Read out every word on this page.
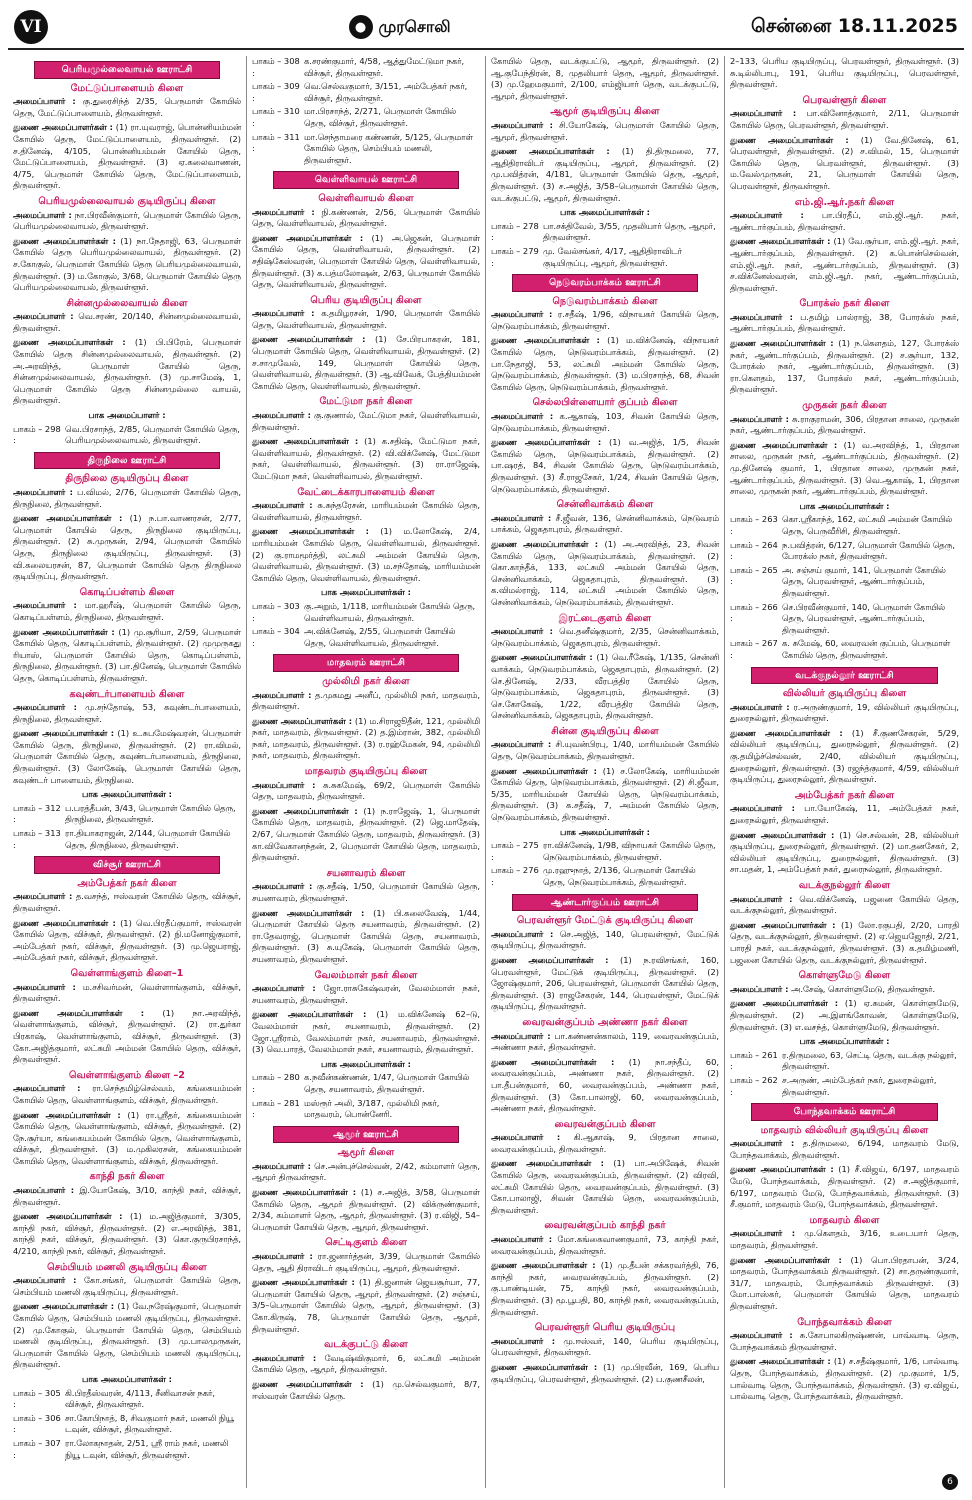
VI	● முரசொலி	சென்னை 18.11.2025
பெரியமுல்லைவாயல் ஊராட்சி
மேட்டுப்பாளையம் கிளை
அமைப்பாளர் : கு.துரைசிந்த் 2/35, பெருமாள் கோயில் தெரு, மேட்டுப்பாளையம், திருவள்ளூர்.
துணை அமைப்பாளர்கள் : (1) ரா.யுவராஜ், பொன்னியம்மன் கோயில் தெரு, மேட்டுப்பாளையம், திருவள்ளூர். (2) ச.தினேஷ், 4/105, பொன்னியம்மன் கோயில் தெரு, மேட்டுப்பாளையம், திருவள்ளூர். (3) ஏ.கலைவாணன், 4/75, பெருமாள் கோயில் தெரு, மேட்டுப்பாளையம், திருவள்ளூர்.
பெரியமுல்லைவாயல் குடியிருப்பு கிளை
அமைப்பாளர் : நா.பிரவீன்குமார், பெருமாள் கோயில் தெரு, பெரியமுல்லைவாயல், திருவள்ளூர்.
துணை அமைப்பாளர்கள் : (1) நா.நேதாஜி, 63, பெருமாள் கோயில் தெரு பெரியமுல்லைவாயல், திருவள்ளூர். (2) ச.கோகுல், பெருமாள் கோயில் தெரு பெரியமுல்லைவாயல், திருவள்ளூர். (3) ம.கோகுல், 3/68, பெருமாள் கோயில் தெரு பெரியமுல்லைவாயல், திருவள்ளூர்.
சின்னமுல்லைவாயல் கிளை
அமைப்பாளர் : வெ.சரண், 20/140, சின்னமுல்லைவாயல், திருவள்ளூர்.
துணை அமைப்பாளர்கள் : (1) பி.பிரேம், பெருமாள் கோயில் தெரு சின்னமுல்லைவாயல், திருவள்ளூர். (2) அ.அரவிந்த், பெருமாள் கோயில் தெரு, சின்னமுல்லைவாயல், திருவள்ளூர். (3) மு.சாமேஷ், 1, பெருமாள் கோயில் தெரு சின்னமுல்லை வாயல், திருவள்ளூர்.
பாக அமைப்பாளர் :
பாகம் – 298 :
வெ.பிரசாந்த், 2/85, பெருமாள் கோயில் தெரு, பெரியமுல்லைவாயல், திருவள்ளூர்.
திருநிலை ஊராட்சி
திருநிலை குடியிருப்பு கிளை
அமைப்பாளர் : ப.விமல், 2/76, பெருமாள் கோயில் தெரு, திருநிலை, திருவள்ளூர்.
துணை அமைப்பாளர்கள் : (1) ந.பா.வாணரசன், 2/77, பெருமாள் கோயில் தெரு, திருநிலை குடியிருப்பு, திருவள்ளூர். (2) சு.முருகன், 2/94, பெருமாள் கோயில் தெரு, திருநிலை குடியிருப்பு, திருவள்ளூர். (3) வி.கலையரசன், 87, பெருமாள் கோயில் தெரு திருநிலை குடியிருப்பு, திருவள்ளூர்.
கொடிப்பள்ளம் கிளை
அமைப்பாளர் : மா.ஹரீஷ், பெருமாள் கோயில் தெரு, கொடிப்பள்ளம், திருநிலை, திருவள்ளூர்.
துணை அமைப்பாளர்கள் : (1) மு.சூரியா, 2/59, பெருமாள் கோயில் தெரு, கொடிப்பள்ளம், திருவள்ளூர். (2) முமுருகது ரியாஸ், பெருமாள் கோயில் தெரு, கொடிப்பள்ளம், திருநிலை, திருவள்ளூர். (3) பா.தினேஷ், பெருமாள் கோயில் தெரு, கொடிப்பள்ளம், திருவள்ளூர்.
கவுண்டர்பாளையம் கிளை
அமைப்பாளர் : மு.சந்தோஷ், 53, கவுண்டர்பாளையம், திருநிலை, திருவள்ளூர்.
துணை அமைப்பாளர்கள் : (1) உ.சுபமேஷ்வரன், பெருமாள் கோயில் தெரு, திருநிலை, திருவள்ளூர். (2) ரா.விமல், பெருமாள் கோயில் தெரு, கவுண்டர்பாளையம், திருநிலை, திருவள்ளூர். (3) லோகேஷ், பெருமாள் கோயில் தெரு, கவுண்டர் பாளையம், திருநிலை.
பாக அமைப்பாளர்கள் :
பாகம் – 312 :
ப.பரத்தீபன், 3/43, பெருமாள் கோயில் தெரு, திருநிலை, திருவள்ளூர்.
பாகம் – 313 :
ரா.தியாகராஜன், 2/144, பெருமாள் கோயில் தெரு, திருநிலை, திருவள்ளூர்.
விச்சூர் ஊராட்சி
அம்பேத்கர் நகர் கிளை
அமைப்பாளர் : த.வசந்த், ஈஸ்வரன் கோயில் தெரு, விச்சூர், திருவள்ளூர்.
துணை அமைப்பாளர்கள் : (1) வெ.பிரதீப்குமார், ஈஸ்வரன் கோயில் தெரு, விச்சூர், திருவள்ளூர். (2) நி.மனோஜ்குமார், அம்பேத்கர் நகர், விச்சூர், திருவள்ளூர். (3) மு.ஜெயராஜ், அம்பேத்கர் நகர், விச்சூர், திருவள்ளூர்.
வெள்ளாங்குளம் கிளை–1
அமைப்பாளர் : ம.சசிவர்மன், வெள்ளாங்குளம், விச்சூர், திருவள்ளூர்.
துணை அமைப்பாளர்கள் : (1) நா.அரவிந்த், வெள்ளாங்குளம், விச்சூர், திருவள்ளூர். (2) ரா.துர்கா பிரகாஷ், வெள்ளாங்குளம், விச்சூர், திருவள்ளூர். (3) கோ.அஜித்குமார், லட்சுமி அம்மன் கோயில் தெரு, விச்சூர், திருவள்ளூர்.
வெள்ளாங்குளம் கிளை –2
அமைப்பாளர் : ரா.செந்தமிழ்செல்வம், கங்கையம்மன் கோயில் தெரு, வெள்ளாங்குளம், விச்சூர், திருவள்ளூர்.
துணை அமைப்பாளர்கள் : (1) ரா.ஸ்ரீதர், கங்கையம்மன் கோயில் தெரு, வெள்ளாங்குளம், விச்சூர், திருவள்ளூர். (2) நே.சூர்யா, கங்கையம்மன் கோயில் தெரு, வெள்ளாங்குளம், விச்சூர், திருவள்ளூர். (3) ம.முகிலரசன், கங்கையம்மன் கோயில் தெரு, வெள்ளாங்குளம், விச்சூர், திருவள்ளூர்.
காந்தி நகர் கிளை
அமைப்பாளர் : இ.யோகேஷ், 3/10, காந்தி நகர், விச்சூர், திருவள்ளூர்.
துணை அமைப்பாளர்கள் : (1) ம.அஜித்குமார், 3/305, காந்தி நகர், விச்சூர், திருவள்ளூர். (2) எ.அரவிந்த், 381, காந்தி நகர், விச்சூர், திருவள்ளூர். (3) கொ.குருபிரசாந்த், 4/210, காந்தி நகர், விச்சூர், திருவள்ளூர்.
செம்பியம் மணலி குடியிருப்பு கிளை
அமைப்பாளர் : கோ.சங்கர், பெருமாள் கோயில் தெரு, செம்பியம் மணலி குடியிருப்பு, திருவள்ளூர்.
துணை அமைப்பாளர்கள் : (1) வே.நரேஷ்குமார், பெருமாள் கோயில் தெரு, செம்பியம் மணலி குடியிருப்பு, திருவள்ளூர். (2) மு.கோகுல், பெருமாள் கோயில் தெரு, செம்பியம் மணலி குடியிருப்பு, திருவள்ளூர். (3) மு.பாலமுருகன், பெருமாள் கோயில் தெரு, செம்பியம் மணலி குடியிருப்பு, திருவள்ளூர்.
பாக அமைப்பாளர்கள் :
பாகம் – 305 :
கி.பிரதீஸ்வரன், 4/113, சீனிவாசன் நகர், விச்சூர், திருவள்ளூர்.
பாகம் – 306 :
சா.கோபிநாத், 8, சிவகுமார் நகர், மணலி நியூ டவுன், விச்சூர், திருவள்ளூர்.
பாகம் – 307 :
ரா.லோகநாதன், 2/51, ஸ்ரீ ராம் நகர், மணலி நியூ டவுன், விச்சூர், திருவள்ளூர்.
பாகம் – 308 :
க.சரண்குமார், 4/58, ஆத்துமேட்டுமா நகர், விச்சூர், திருவள்ளூர்.
பாகம் – 309 :
வெ.செல்வகுமார், 3/151, அம்பேத்கர் நகர், விச்சூர், திருவள்ளூர்.
பாகம் – 310 :
மா.பிரசாந்த், 2/271, பெருமாள் கோயில் தெரு, விச்சூர், திருவள்ளூர்.
பாகம் – 311 :
மா.செந்தாமரை கண்ணன், 5/125, பெருமாள் கோயில் தெரு, செம்பியம் மணலி, திருவள்ளூர்.
வெள்ளிவாயல் ஊராட்சி
வெள்ளிவாயல் கிளை
அமைப்பாளர் : நி.கண்ணன், 2/56, பெருமாள் கோயில் தெரு, வெள்ளிவாயல், திருவள்ளூர்.
துணை அமைப்பாளர்கள் : (1) அ.ஜெகன், பெருமாள் கோயில் தெரு, வெள்ளிவாயல், திருவள்ளூர். (2) சதிஷ்கேஸ்வரன், பெருமாள் கோயில் தெரு, வெள்ளிவாயல், திருவள்ளூர். (3) க.பத்மலோஷன், 2/63, பெருமாள் கோயில் தெரு, வெள்ளிவாயல், திருவள்ளூர்.
பெரிய குடியிருப்பு கிளை
அமைப்பாளர் : க.தமிழரசன், 1/90, பெருமாள் கோயில் தெரு, வெள்ளிவாயல், திருவள்ளூர்.
துணை அமைப்பாளர்கள் : (1) சே.பிரபாகரன், 181, பெருமாள் கோயில் தெரு, வெள்ளிவாயல், திருவள்ளூர். (2) ச.சாமுவேல், 149, பெருமாள் கோயில் தெரு, வெள்ளிவாயல், திருவள்ளூர். (3) ஆ.விவேக், பேத்தியம்மன் கோயில் தெரு, வெள்ளிவாயல், திருவள்ளூர்.
மேட்டுமா நகர் கிளை
அமைப்பாளர் : கு.குணால், மேட்டுமா நகர், வெள்ளிவாயல், திருவள்ளூர்.
துணை அமைப்பாளர்கள் : (1) க.சதிஷ், மேட்டுமா நகர், வெள்ளிவாயல், திருவள்ளூர். (2) வி.விக்னேஷ், மேட்டுமா நகர், வெள்ளிவாயல், திருவள்ளூர். (3) ரா.ராஜேஷ், மேட்டுமா நகர், வெள்ளிவாயல், திருவள்ளூர்.
வேட்டைக்காரபாளையம் கிளை
அமைப்பாளர் : சு.சுந்தரேசன், மாரியம்மன் கோயில் தெரு, வெள்ளிவாயல், திருவள்ளூர்.
துணை அமைப்பாளர்கள் : (1) ம.லோகேஷ், 2/4, மாரியம்மன் கோயில் தெரு, வெள்ளிவாயல், திருவள்ளூர். (2) கு.ராமமூர்த்தி, லட்சுமி அம்மன் கோயில் தெரு, வெள்ளிவாயல், திருவள்ளூர். (3) ம.சந்தோஷ், மாரியம்மன் கோயில் தெரு, வெள்ளிவாயல், திருவள்ளூர்.
பாக அமைப்பாளர்கள் :
பாகம் – 303 :
கு.அறும், 1/118, மாரியம்மன் கோயில் தெரு, வெள்ளிவாயல், திருவள்ளூர்.
பாகம் – 304 :
அ.விக்னேஷ், 2/55, பெருமாள் கோயில் தெரு, வெள்ளிவாயல், திருவள்ளூர்.
மாதவரம் ஊராட்சி
முல்லிமி நகர் கிளை
அமைப்பாளர் : த.முகமது அனீப், முல்லிமி நகர், மாதவரம், திருவள்ளூர்.
துணை அமைப்பாளர்கள் : (1) ம.சிராஜூதீன், 121, முல்லிமி நகர், மாதவரம், திருவள்ளூர். (2) த.இம்ரான், 382, முல்லிமி நகர், மாதவரம், திருவள்ளூர். (3) ர.ரஹ்மேகன், 94, முல்லிமி நகர், மாதவரம், திருவள்ளூர்.
மாதவரம் குடியிருப்பு கிளை
அமைப்பாளர் : சு.சுகமேஷ், 69/2, பெருமாள் கோயில் தெரு, மாதவரம், திருவள்ளூர்.
துணை அமைப்பாளர்கள் : (1) ந.ராஜேஷ், 1, பெருமாள் கோயில் தெரு, மாதவரம், திருவள்ளூர். (2) ஜெ.மாதேஷ், 2/67, பெருமாள் கோயில் தெரு, மாதவரம், திருவள்ளூர். (3) கா.விவேகானந்தன், 2, பெருமாள் கோயில் தெரு, மாதவரம், திருவள்ளூர்.
சயனாவரம் கிளை
அமைப்பாளர் : கு.சதீஷ், 1/50, பெருமாள் கோயில் தெரு, சயனாவரம், திருவள்ளூர்.
துணை அமைப்பாளர்கள் : (1) பி.கலைவேஷ், 1/44, பெருமாள் கோயில் தெரு சயனாவரம், திருவள்ளூர். (2) ரா.தேவராஜ், பெருமாள் கோயில் தெரு, சயனாவரம், திருவள்ளூர். (3) சு.யுகேஷ், பெருமாள் கோயில் தெரு, சயனாவரம், திருவள்ளூர்.
வேலம்மாள் நகர் கிளை
அமைப்பாளர் : ஜோ.ராசுகேஷ்வரன், வேலம்மாள் நகர், சயனாவரம், திருவள்ளூர்.
துணை அமைப்பாளர்கள் : (1) ம.விக்னேஷ் 62–டு, வேலம்மாள் நகர், சயனாவரம், திருவள்ளூர். (2) ஜோ.ஸ்ரீராம், வேலம்மாள் நகர், சயனாவரம், திருவள்ளூர். (3) வெ.பாரத், வேலம்மாள் நகர், சயனாவரம், திருவள்ளூர்.
பாக அமைப்பாளர்கள் :
பாகம் – 280 :
க.நவீன்கண்ணன், 1/47, பெருமாள் கோயில் தெரு, சயனாவரம், திருவள்ளூர்.
பாகம் – 281 :
மஸ்ரூர் அலி, 3/187, முல்லிமி நகர், மாதவரம், பொன்னேரி.
ஆமூர் ஊராட்சி
ஆமூர் கிளை
அமைப்பாளர் : செ.அன்புச்செல்வன், 2/42, கம்மாளர் தெரு, ஆமூர் திருவள்ளூர்.
துணை அமைப்பாளர்கள் : (1) ச.அஜித், 3/58, பெருமாள் கோயில் தெரு, ஆமூர் திருவள்ளூர். (2) விக்ருண்குமார், 2/34, கம்மாளர் தெரு, ஆமூர், திருவள்ளூர். (3) ர.விஜி, 54–பெருமாள் கோயில் தெரு, ஆமூர், திருவள்ளூர்.
செட்டிகுளம் கிளை
அமைப்பாளர் : ரா.ஜனார்த்தன், 3/39, பெருமாள் கோயில் தெரு, ஆதி திராவிடர் குடியிருப்பு, ஆமூர், திருவள்ளூர்.
துணை அமைப்பாளர்கள் : (1) தி.ஜனான் ஜெயசூர்யா, 77, பெருமாள் கோயில் தெரு, ஆமூர், திருவள்ளூர். (2) சஞ்சய், 3/5–பெருமாள் கோயில் தெரு, ஆமூர், திருவள்ளூர். (3) கோ.கிருஷ், 78, பெருமாள் கோயில் தெரு, ஆமூர், திருவள்ளூர்.
வடக்குபட்டு கிளை
அமைப்பாளர் : வேடிஷ்விகுமார், 6, லட்சுமி அம்மன் கோயில் தெரு, ஆமூர், திருவள்ளூர்.
துணை அமைப்பாளர்கள் : (1) மு.செல்வகுமார், 8/7, ஈஸ்வரன் கோயில் தெரு.
கோயில் தெரு, வடக்குபட்டு, ஆமூர், திருவள்ளூர். (2) ஆ.குபேந்திரன், 8, முதலியார் தெரு, ஆமூர், திருவள்ளூர். (3) மு.ஹேமகுமார், 2/100, எம்ஜியார் தெரு, வடக்குபட்டு, ஆமூர், திருவள்ளூர்.
ஆமூர் குடியிருப்பு கிளை
அமைப்பாளர் : சி.யோகேஷ், பெருமாள் கோயில் தெரு, ஆமூர், திருவள்ளூர்.
துணை அமைப்பாளர்கள் : (1) தி.திருமலை, 77, ஆதிதிராவிடர் குடியிருப்பு, ஆமூர், திருவள்ளூர். (2) மு.பவித்ரன், 4/181, பெருமாள் கோயில் தெரு, ஆமூர், திருவள்ளூர். (3) ச.அஜித், 3/58–பெருமாள் கோயில் தெரு, வடக்குபட்டு, ஆமூர், திருவள்ளூர்.
பாக அமைப்பாளர்கள் :
பாகம் – 278 :
பா.சக்திவேல், 3/55, முதலியார் தெரு, ஆமூர், திருவள்ளூர்.
பாகம் – 279 :
மு. வேல்சங்கர், 4/17, ஆதிதிராவிடர் குடியிருப்பு, ஆமூர், திருவள்ளூர்.
நெடுவரம்பாக்கம் ஊராட்சி
நெடுவரம்பாக்கம் கிளை
அமைப்பாளர் : ர.சதீஷ், 1/96, விநாயகர் கோயில் தெரு, நெடுவரம்பாக்கம், திருவள்ளூர்.
துணை அமைப்பாளர்கள் : (1) ம.விக்னேஷ், விநாயகர் கோயில் தெரு, நெடுவரம்பாக்கம், திருவள்ளூர். (2) பா.நேதாஜி, 53, லட்சுமி அம்மன் கோயில் தெரு, நெடுவரம்பாக்கம், திருவள்ளூர். (3) ம.பிரசாந்த், 68, சிவன் கோயில் தெரு, நெடுவரம்பாக்கம், திருவள்ளூர்.
செல்லபிள்ளையார் குப்பம் கிளை
அமைப்பாளர் : க.ஆகாஷ், 103, சிவன் கோயில் தெரு, நெடுவரம்பாக்கம், திருவள்ளூர்.
துணை அமைப்பாளர்கள் : (1) வ.அஜித், 1/5, சிவன் கோயில் தெரு, நெடுவரம்பாக்கம், திருவள்ளூர். (2) பா.ஷரத், 84, சிவன் கோயில் தெரு, நெடுவரம்பாக்கம், திருவள்ளூர். (3) சீ.ராஜசேகர், 1/24, சிவன் கோயில் தெரு, நெடுவரம்பாக்கம், திருவள்ளூர்.
சென்னிவாக்கம் கிளை
அமைப்பாளர் : சீ.ஜீவன், 136, சென்னிவாக்கம், நெடுவரம் பாக்கம், ஜெகதாபுரம், திருவள்ளூர்.
துணை அமைப்பாளர்கள் : (1) அ.அரவிந்த், 23, சிவன் கோயில் தெரு, நெடுவரம்பாக்கம், திருவள்ளூர். (2) கொ.காந்தீக், 133, லட்சுமி அம்மன் கோயில் தெரு, சென்னிவாக்கம், ஜெகதாபுரம், திருவள்ளூர். (3) க.விமல்ராஜ், 114, லட்சுமி அம்மன் கோயில் தெரு, சென்னிவாக்கம், நெடுவரம்பாக்கம், திருவள்ளூர்.
இரட்டைகுளம் கிளை
அமைப்பாளர் : வெ.தனீஷ்குமார், 2/35, சென்னிவாக்கம், நெடுவரம்பாக்கம், ஜெகதாபுரம், திருவள்ளூர்.
துணை அமைப்பாளர்கள் : (1) வெ.ரீகேஷ், 1/135, சென்னி வாக்கம், நெடுவரம்பாக்கம், ஜெகதாபுரம், திருவள்ளூர். (2) செ.தினேஷ், 2/33, வீரபத்திர கோயில் தெரு, நெடுவரம்பாக்கம், ஜெகதாபுரம், திருவள்ளூர். (3) செ.கோகேஷ், 1/22, வீரபத்திர கோயில் தெரு, சென்னிவாக்கம், ஜெகதாபுரம், திருவள்ளூர்.
சின்ன குடியிருப்பு கிளை
அமைப்பாளர் : சி.யுவன்பிரபு, 1/40, மாரியம்மன் கோயில் தெரு, நெடுவரம்பாக்கம், திருவள்ளூர்.
துணை அமைப்பாளர்கள் : (1) ச.லோகேஷ், மாரியம்மன் கோயில் தெரு, நெடுவரம்பாக்கம், திருவள்ளூர். (2) சி.ஜீவா, 5/35, மாரியம்மன் கோயில் தெரு, நெடுவரம்பாக்கம், திருவள்ளூர். (3) க.சதீஷ், 7, அம்மன் கோயில் தெரு, நெடுவரம்பாக்கம், திருவள்ளூர்.
பாக அமைப்பாளர்கள் :
பாகம் – 275 :
ரா.விக்னேஷ், 1/98, விநாயகர் கோயில் தெரு, நெடுவரம்பாக்கம், திருவள்ளூர்.
பாகம் – 276 :
மு.ரஹுநாத், 2/136, பெருமாள் கோயில் தெரு, நெடுவரம்பாக்கம், திருவள்ளூர்.
ஆண்டார்குப்பம் ஊராட்சி
பெரவள்ளூர் மேட்டுக் குடியிருப்பு கிளை
அமைப்பாளர் : செ.அஜித், 140, பெரவள்ளூர், மேட்டுக் குடியிருப்பு, திருவள்ளூர்.
துணை அமைப்பாளர்கள் : (1) ந.ரவிசங்கர், 160, பெரவள்ளூர், மேட்டுக் குடியிருப்பு, திருவள்ளூர். (2) ஜோஷ்குமார், 206, பெரவள்ளூர், பெருமாள் கோயில் தெரு, திருவள்ளூர். (3) ராஜசேகரன், 144, பெரவள்ளூர், மேட்டுக் குடியிருப்பு, திருவள்ளூர்.
வைரவன்குப்பம் அண்ணா நகர் கிளை
அமைப்பாளர் : பா.கண்ணன்காலம், 119, வைரவன்குப்பம், அண்ணா நகர், திருவள்ளூர்.
துணை அமைப்பாளர்கள் : (1) நா.சந்தீப், 60, வைரவன்குப்பம், அண்ணா நகர், திருவள்ளூர். (2) பா.தீபன்குமார், 60, வைரவன்குப்பம், அண்ணா நகர், திருவள்ளூர். (3) கோ.பாலாஜி, 60, வைரவன்குப்பம், அண்ணா நகர், திருவள்ளூர்.
வைரவன்குப்பம் கிளை
அமைப்பாளர் : கி.ஆகாஷ், 9, பிரதான சாலை, வைரவன்குப்பம், திருவள்ளூர்.
துணை அமைப்பாளர்கள் : (1) பா.அபிஷேக், சிவன் கோயில் தெரு, வைரவன்குப்பம், திருவள்ளூர். (2) விரவி, லட்சுமி கோயில் தெரு, வைரவன்குப்பம், திருவள்ளூர். (3) கோ.பாலாஜி, சிவன் கோயில் தெரு, வைரவன்குப்பம், திருவள்ளூர்.
வைரவன்குப்பம் காந்தி நகர்
அமைப்பாளர் : மோ.கங்கைவாணகுமார், 73, காந்தி நகர், வைரவன்குப்பம், திருவள்ளூர்.
துணை அமைப்பாளர்கள் : (1) மு.தீபன் சக்கரவர்த்தி, 76, காந்தி நகர், வைரவன்குப்பம், திருவள்ளூர். (2) கு.பாண்டியன், 75, காந்தி நகர், வைரவன்குப்பம், திருவள்ளூர். (3) மூ.பூபதி, 80, காந்தி நகர், வைரவன்குப்பம், திருவள்ளூர்.
பெரவள்ளூர் பெரிய குடியிருப்பு
அமைப்பாளர் : மு.ஈஸ்வர், 140, பெரிய குடியிருப்பு, பெரவள்ளூர், திருவள்ளூர்.
துணை அமைப்பாளர்கள் : (1) மு.பிரவீன், 169, பெரிய குடியிருப்பு, பெரவள்ளூர், திருவள்ளூர். (2) ப.குணசீலன்,
2–133, பெரிய குடியிருப்பு, பெரவள்ளூர், திருவள்ளூர். (3) சு.டில்லிபாபு, 191, பெரிய குடியிருப்பு, பெரவள்ளூர், திருவள்ளூர்.
பெரவள்ளூர் கிளை
அமைப்பாளர் : பா.வினோத்குமார், 2/11, பெருமாள் கோயில் தெரு, பெரவள்ளூர், திருவள்ளூர்.
துணை அமைப்பாளர்கள் : (1) வே.தினேஷ், 61, பெரவள்ளூர், திருவள்ளூர். (2) ச.விமல், 15, பெருமாள் கோயில் தெரு, பெரவள்ளூர், திருவள்ளூர். (3) ம.வேல்முருகன், 21, பெருமாள் கோயில் தெரு, பெரவள்ளூர், திருவள்ளூர்.
எம்.ஜி.ஆர்.நகர் கிளை
அமைப்பாளர் : பா.பிரதீப், எம்.ஜி.ஆர். நகர், ஆண்டார்குப்பம், திருவள்ளூர்.
துணை அமைப்பாளர்கள் : (1) வே.சூர்யா, எம்.ஜி.ஆர். நகர், ஆண்டார்குப்பம், திருவள்ளூர். (2) க.பொன்செல்வன், எம்.ஜி.ஆர். நகர், ஆண்டார்குப்பம், திருவள்ளூர். (3) ச.விக்னேஸ்வரன், எம்.ஜி.ஆர். நகர், ஆண்டார்குப்பம், திருவள்ளூர்.
போரக்ஸ் நகர் கிளை
அமைப்பாளர் : ப.தமிழ் பால்ராஜ், 38, போரக்ஸ் நகர், ஆண்டார்குப்பம், திருவள்ளூர்.
துணை அமைப்பாளர்கள் : (1) ந.கௌதம், 127, போரக்ஸ் நகர், ஆண்டார்குப்பம், திருவள்ளூர். (2) ச.சூர்யா, 132, போரக்ஸ் நகர், ஆண்டார்குப்பம், திருவள்ளூர். (3) ரா.கௌதம், 137, போரக்ஸ் நகர், ஆண்டார்குப்பம், திருவள்ளூர்.
முருகன் நகர் கிளை
அமைப்பாளர் : சு.ராகுராமன், 306, பிரதான சாலை, முருகன் நகர், ஆண்டார்குப்பம், திருவள்ளூர்.
துணை அமைப்பாளர்கள் : (1) வ.அரவிந்த், 1, பிரதான சாலை, முருகன் நகர், ஆண்டார்குப்பம், திருவள்ளூர். (2) மு.தினேஷ் குமார், 1, பிரதான சாலை, முருகன் நகர், ஆண்டார்குப்பம், திருவள்ளூர். (3) வெ.ஆகாஷ், 1, பிரதான சாலை, முருகன் நகர், ஆண்டார்குப்பம், திருவள்ளூர்.
பாக அமைப்பாளர்கள் :
பாகம் – 263 :
கொ.ஸ்ரீகாந்த், 162, லட்சுமி அம்மன் கோயில் தெரு, பெருவீரிசி, திருவள்ளூர்.
பாகம் – 264 :
ந.பவித்ரன், 6/127, பெருமாள் கோயில் தெரு, போரக்ஸ் நகர், திருவள்ளூர்.
பாகம் – 265 :
அ. சஞ்சய் குமார், 141, பெருமாள் கோயில் தெரு, பெரவள்ளூர், ஆண்டார்குப்பம், திருவள்ளூர்.
பாகம் – 266 :
செ.பிரவீன்குமார், 140, பெருமாள் கோயில் தெரு, பெரவள்ளூர், ஆண்டார்குப்பம், திருவள்ளூர்.
பாகம் – 267 :
க. சுமேஷ், 60, வைரவன் குப்பம், பெருமாள் கோயில் தெரு, திருவள்ளூர்.
வடக்குநல்லூர் ஊராட்சி
வில்லியர் குடியிருப்பு கிளை
அமைப்பாளர் : ர.அருண்குமார், 19, வில்லியர் குடியிருப்பு, துரைநல்லூர், திருவள்ளூர்.
துணை அமைப்பாளர்கள் : (1) சீ.குணசேகரன், 5/29, வில்லியர் குடியிருப்பு, துரைநல்லூர், திருவள்ளூர். (2) கு.தமிழ்ச்செல்வன், 2/40, வில்லியர் குடியிருப்பு, துரைநல்லூர், திருவள்ளூர். (3) ரஜந்த்குமார், 4/59, வில்லியர் குடியிருப்பு, துரைநல்லூர், திருவள்ளூர்.
அம்பேத்கர் நகர் கிளை
அமைப்பாளர் : பா.யோகேஷ், 11, அம்பேத்கர் நகர், துரைநல்லூர், திருவள்ளூர்.
துணை அமைப்பாளர்கள் : (1) செ.சல்வன், 28, வில்லியர் குடியிருப்பு, துரைநல்லூர், திருவள்ளூர். (2) மா.தனசேகர், 2, வில்லியர் குடியிருப்பு, துரைநல்லூர், திருவள்ளூர். (3) சா.மதன், 1, அம்பேத்கர் நகர், துரைநல்லூர், திருவள்ளூர்.
வடக்குநல்லூர் கிளை
அமைப்பாளர் : வெ.விக்னேஷ், பஜனை கோயில் தெரு, வடக்குநல்லூர், திருவள்ளூர்.
துணை அமைப்பாளர்கள் : (1) லோ.ரகுபதி, 2/20, பாரதி தெரு, வடக்குநல்லூர், திருவள்ளூர். (2) ஏ.ஜெயஜோதி, 2/21, பாரதி நகர், வடக்குநல்லூர், திருவள்ளூர். (3) க.தமிழ்மணி, பஜனை கோயில் தெரு, வடக்குநல்லூர், திருவள்ளூர்.
கொள்ளுமேடு கிளை
அமைப்பாளர் : அ.சேஷ், கொள்ளுமேடு, திருவள்ளூர்.
துணை அமைப்பாளர்கள் : (1) ஏ.சுமன், கொள்ளுமேடு, திருவள்ளூர். (2) அ.இளங்கோவன், கொள்ளுமேடு, திருவள்ளூர். (3) எ.வசந்த், கொள்ளுமேடு, திருவள்ளூர்.
பாக அமைப்பாளர்கள் :
பாகம் – 261 :
ர.திருமலை, 63, செட்டி தெரு, வடக்கு நல்லூர், திருவள்ளூர்.
பாகம் – 262 :
ச.அருண், அம்பேத்கர் நகர், துரைநல்லூர், திருவள்ளூர்.
போந்தவாக்கம் ஊராட்சி
மாதவரம் வில்லியர் குடியிருப்பு கிளை
அமைப்பாளர் : த.திருமலை, 6/194, மாதவரம் மேடு, போந்தவாக்கம், திருவள்ளூர்.
துணை அமைப்பாளர்கள் : (1) சீ.விஜய், 6/197, மாதவரம் மேடு, போந்தவாக்கம், திருவள்ளூர். (2) ச.அஜித்குமார், 6/197, மாதவரம் மேடு, போந்தவாக்கம், திருவள்ளூர். (3) சீ.குமார், மாதவரம் மேடு, போந்தவாக்கம், திருவள்ளூர்.
மாதவரம் கிளை
அமைப்பாளர் : மு.கௌதம், 3/16, உடையார் தெரு, மாதவரம், திருவள்ளூர்.
துணை அமைப்பாளர்கள் : (1) பொ.பிரதாபன், 3/24, மாதவரம், போந்தவாக்கம் திருவள்ளூர். (2) சா.தருண்குமார், 31/7, மாதவரம், போந்தவாக்கம் திருவள்ளூர். (3) மோ.பாஸ்கர், பெருமாள் கோயில் தெரு, மாதவரம் திருவள்ளூர்.
போந்தவாக்கம் கிளை
அமைப்பாளர் : சு.கோபாலகிருஷ்ணன், பாவ்வாடி தெரு, போந்தவாக்கம் திருவள்ளூர்.
துணை அமைப்பாளர்கள் : (1) ச.சதீஷ்குமார், 1/6, பால்வாடி தெரு, போந்தவாக்கம், திருவள்ளூர். (2) மு.குமார், 1/5, பால்வாடி தெரு, போந்தவாக்கம், திருவள்ளூர். (3) ஏ.விஜய், பால்வாடி தெரு, போந்தவாக்கம், திருவள்ளூர்.
6
